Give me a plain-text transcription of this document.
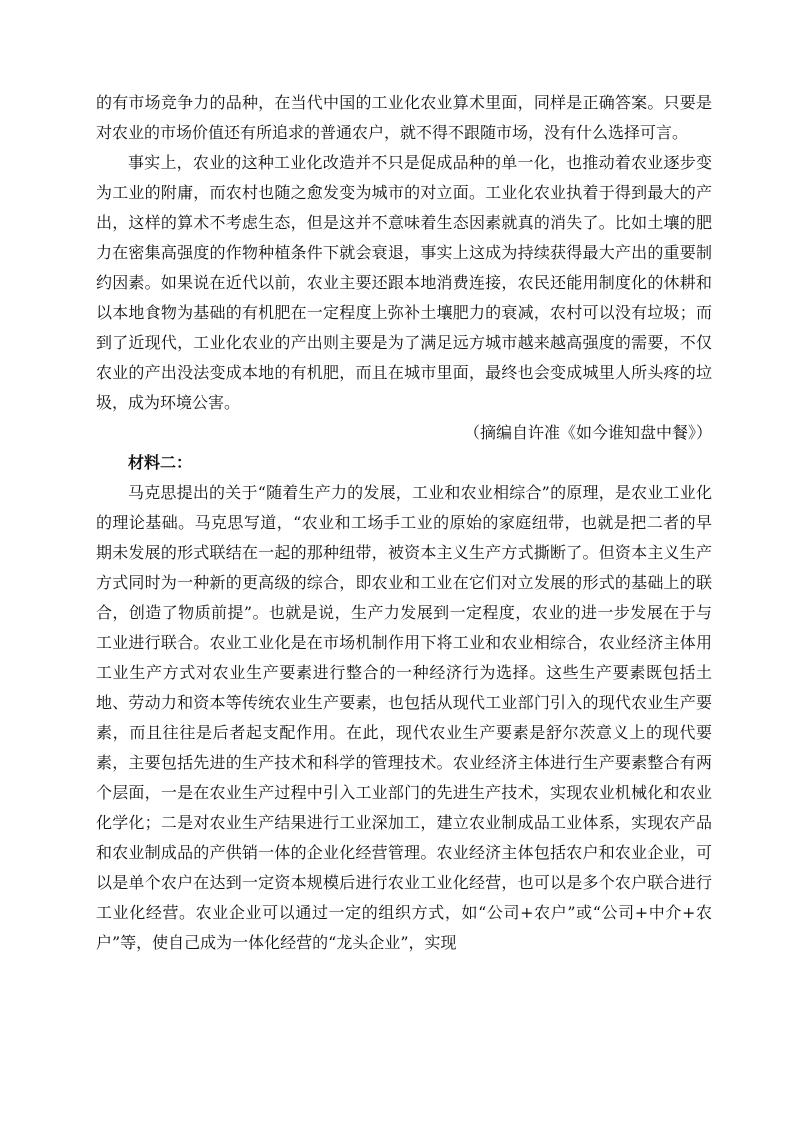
的有市场竞争力的品种，在当代中国的工业化农业算术里面，同样是正确答案。只要是对农业的市场价值还有所追求的普通农户，就不得不跟随市场，没有什么选择可言。

事实上，农业的这种工业化改造并不只是促成品种的单一化，也推动着农业逐步变为工业的附庸，而农村也随之愈发变为城市的对立面。工业化农业执着于得到最大的产出，这样的算术不考虑生态，但是这并不意味着生态因素就真的消失了。比如土壤的肥力在密集高强度的作物种植条件下就会衰退，事实上这成为持续获得最大产出的重要制约因素。如果说在近代以前，农业主要还跟本地消费连接，农民还能用制度化的休耕和以本地食物为基础的有机肥在一定程度上弥补土壤肥力的衰减，农村可以没有垃圾；而到了近现代，工业化农业的产出则主要是为了满足远方城市越来越高强度的需要，不仅农业的产出没法变成本地的有机肥，而且在城市里面，最终也会变成城里人所头疼的垃圾，成为环境公害。

（摘编自许准《如今谁知盘中餐》）

材料二：

马克思提出的关于“随着生产力的发展，工业和农业相综合”的原理，是农业工业化的理论基础。马克思写道，“农业和工场手工业的原始的家庭纽带，也就是把二者的早期未发展的形式联结在一起的那种纽带，被资本主义生产方式撕断了。但资本主义生产方式同时为一种新的更高级的综合，即农业和工业在它们对立发展的形式的基础上的联合，创造了物质前提”。也就是说，生产力发展到一定程度，农业的进一步发展在于与工业进行联合。农业工业化是在市场机制作用下将工业和农业相综合，农业经济主体用工业生产方式对农业生产要素进行整合的一种经济行为选择。这些生产要素既包括土地、劳动力和资本等传统农业生产要素，也包括从现代工业部门引入的现代农业生产要素，而且往往是后者起支配作用。在此，现代农业生产要素是舒尔茨意义上的现代要素，主要包括先进的生产技术和科学的管理技术。农业经济主体进行生产要素整合有两个层面，一是在农业生产过程中引入工业部门的先进生产技术，实现农业机械化和农业化学化；二是对农业生产结果进行工业深加工，建立农业制成品工业体系，实现农产品和农业制成品的产供销一体的企业化经营管理。农业经济主体包括农户和农业企业，可以是单个农户在达到一定资本规模后进行农业工业化经营，也可以是多个农户联合进行工业化经营。农业企业可以通过一定的组织方式，如“公司+农户”或“公司+中介+农户”等，使自己成为一体化经营的“龙头企业”，实现
